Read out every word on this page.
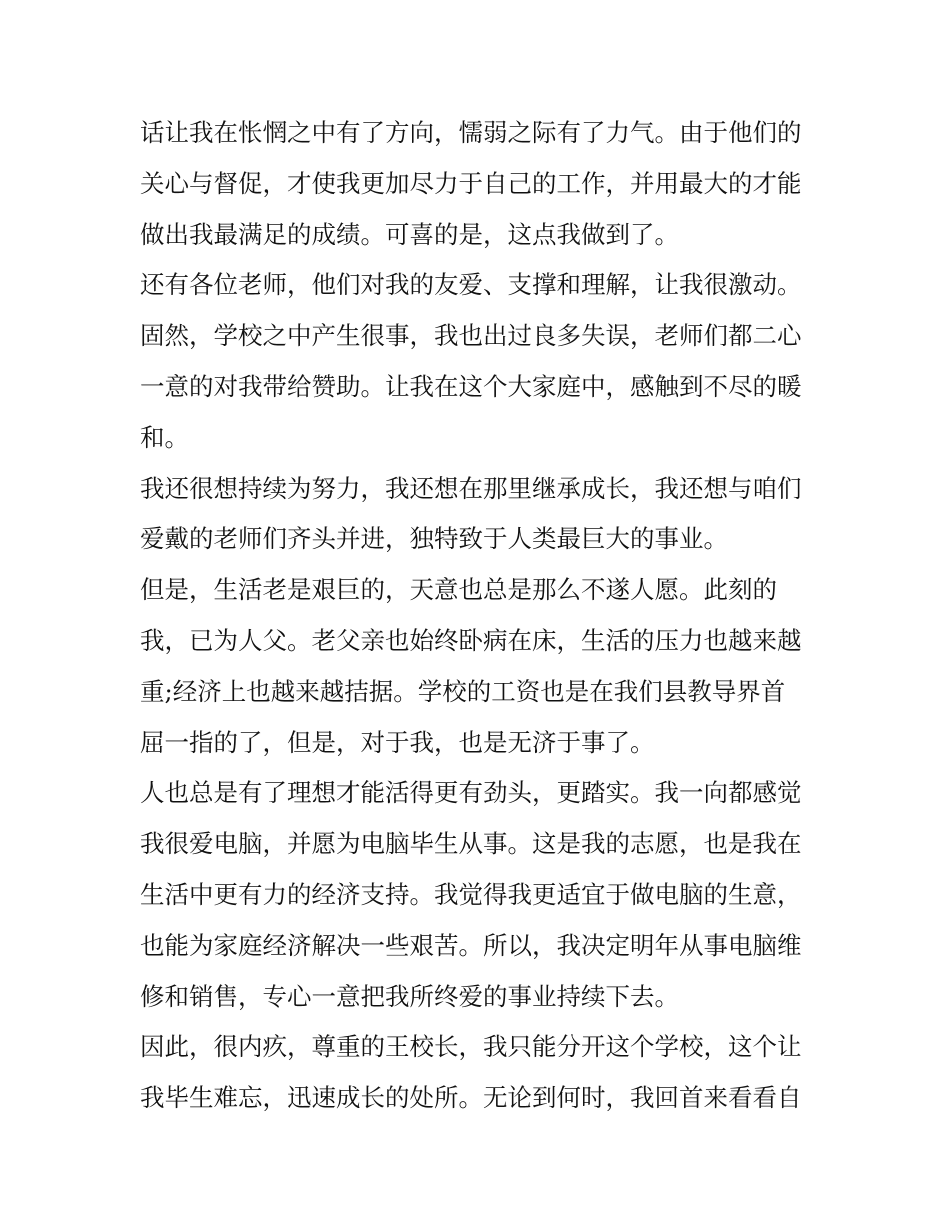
话让我在怅惘之中有了方向，懦弱之际有了力气。由于他们的
关心与督促，才使我更加尽力于自己的工作，并用最大的才能
做出我最满足的成绩。可喜的是，这点我做到了。
还有各位老师，他们对我的友爱、支撑和理解，让我很激动。
固然，学校之中产生很事，我也出过良多失误，老师们都二心
一意的对我带给赞助。让我在这个大家庭中，感触到不尽的暖
和。
我还很想持续为努力，我还想在那里继承成长，我还想与咱们
爱戴的老师们齐头并进，独特致于人类最巨大的事业。
但是，生活老是艰巨的，天意也总是那么不遂人愿。此刻的
我，已为人父。老父亲也始终卧病在床，生活的压力也越来越
重;经济上也越来越拮据。学校的工资也是在我们县教导界首
屈一指的了，但是，对于我，也是无济于事了。
人也总是有了理想才能活得更有劲头，更踏实。我一向都感觉
我很爱电脑，并愿为电脑毕生从事。这是我的志愿，也是我在
生活中更有力的经济支持。我觉得我更适宜于做电脑的生意，
也能为家庭经济解决一些艰苦。所以，我决定明年从事电脑维
修和销售，专心一意把我所终爱的事业持续下去。
因此，很内疚，尊重的王校长，我只能分开这个学校，这个让
我毕生难忘，迅速成长的处所。无论到何时，我回首来看看自
